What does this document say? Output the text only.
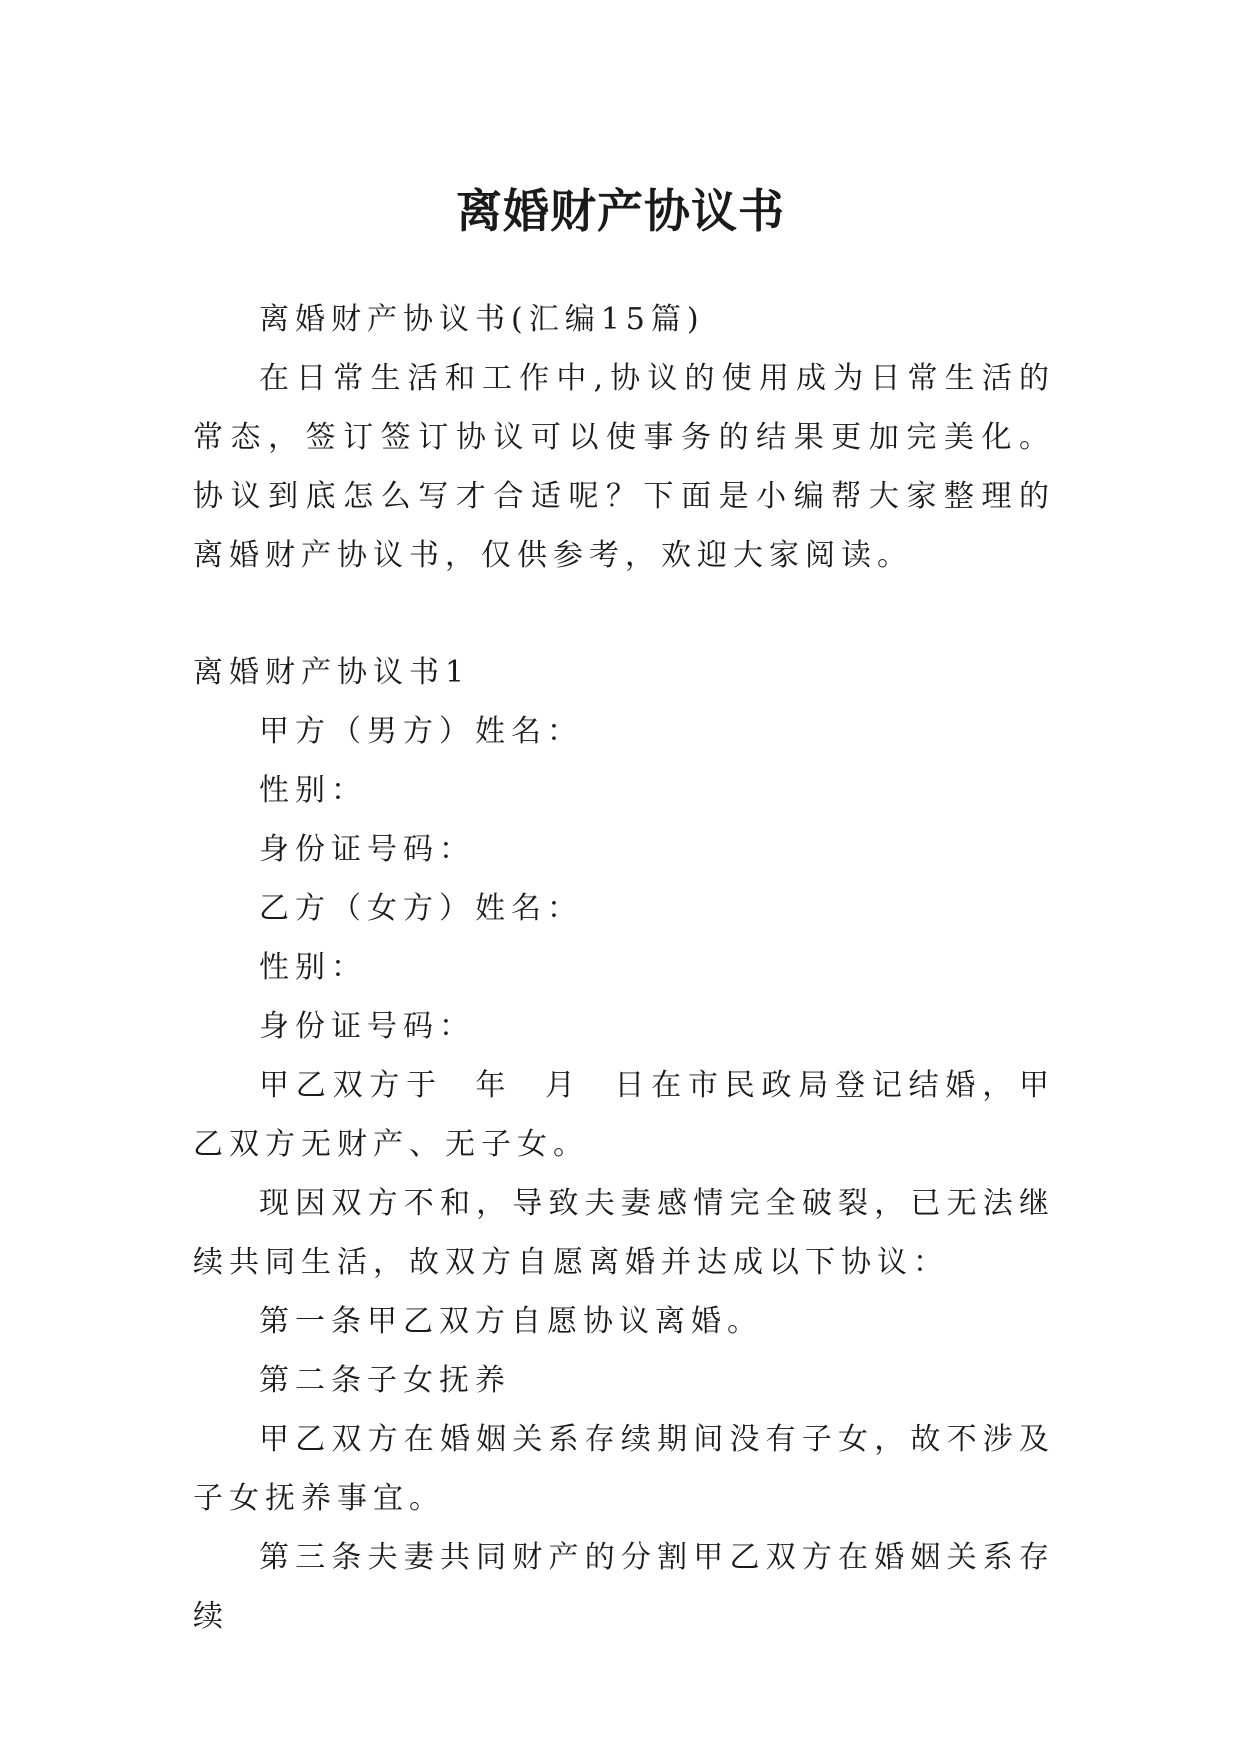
离婚财产协议书

离婚财产协议书(汇编15篇)

在日常生活和工作中,协议的使用成为日常生活的常态，签订签订协议可以使事务的结果更加完美化。协议到底怎么写才合适呢？下面是小编帮大家整理的离婚财产协议书，仅供参考，欢迎大家阅读。

离婚财产协议书1

甲方（男方）姓名：

性别：

身份证号码：

乙方（女方）姓名：

性别：

身份证号码：

甲乙双方于  年  月  日在市民政局登记结婚，甲乙双方无财产、无子女。

现因双方不和，导致夫妻感情完全破裂，已无法继续共同生活，故双方自愿离婚并达成以下协议：

第一条甲乙双方自愿协议离婚。

第二条子女抚养

甲乙双方在婚姻关系存续期间没有子女，故不涉及子女抚养事宜。

第三条夫妻共同财产的分割甲乙双方在婚姻关系存续
